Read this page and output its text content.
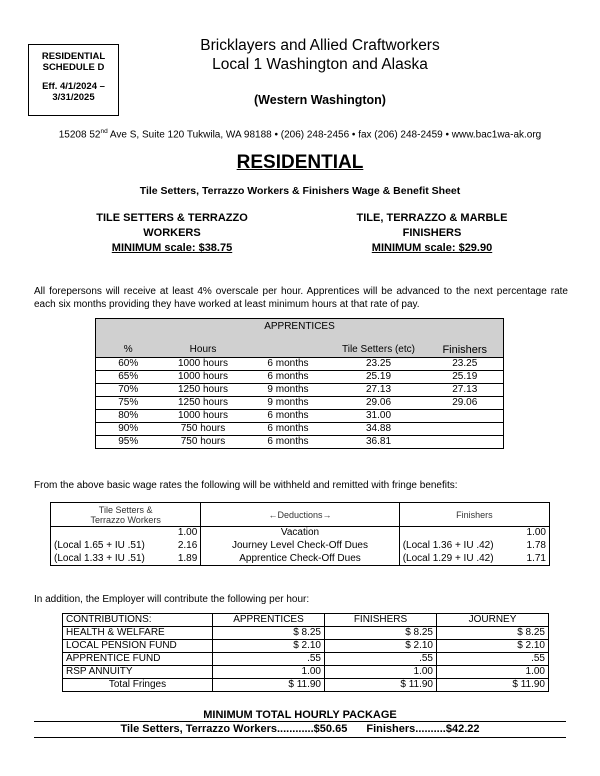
RESIDENTIAL
SCHEDULE D
Eff. 4/1/2024 –
3/31/2025
Bricklayers and Allied Craftworkers
Local 1 Washington and Alaska
(Western Washington)
15208 52nd Ave S, Suite 120 Tukwila, WA 98188 • (206) 248-2456 • fax (206) 248-2459 • www.bac1wa-ak.org
RESIDENTIAL
Tile Setters, Terrazzo Workers & Finishers Wage & Benefit Sheet
TILE SETTERS & TERRAZZO
WORKERS
MINIMUM scale: $38.75
TILE, TERRAZZO & MARBLE
FINISHERS
MINIMUM scale: $29.90
All forepersons will receive at least 4% overscale per hour. Apprentices will be advanced to the next percentage rate each six months providing they have worked at least minimum hours at that rate of pay.
APPRENTICES				
%	Hours		Tile Setters (etc)	Finishers
60%	1000 hours	6 months	23.25	23.25
65%	1000 hours	6 months	25.19	25.19
70%	1250 hours	9 months	27.13	27.13
75%	1250 hours	9 months	29.06	29.06
80%	1000 hours	6 months	31.00	
90%	750 hours	6 months	34.88	
95%	750 hours	6 months	36.81	
From the above basic wage rates the following will be withheld and remitted with fringe benefits:
Tile Setters &
Terrazzo Workers	←Deductions→	Finishers

1.00	Vacation	1.00

(Local 1.65 + IU .51) 2.16	Journey Level Check-Off Dues	(Local 1.36 + IU .42) 1.78

(Local 1.33 + IU .51) 1.89	Apprentice Check-Off Dues	(Local 1.29 + IU .42) 1.71
In addition, the Employer will contribute the following per hour:
CONTRIBUTIONS:	APPRENTICES	FINISHERS	JOURNEY
HEALTH & WELFARE	$ 8.25	$ 8.25	$ 8.25
LOCAL PENSION FUND	$ 2.10	$ 2.10	$ 2.10
APPRENTICE FUND	.55	.55	.55
RSP ANNUITY	1.00	1.00	1.00
Total Fringes	$ 11.90	$ 11.90	$ 11.90
MINIMUM TOTAL HOURLY PACKAGE
Tile Setters, Terrazzo Workers............$50.65 Finishers..........$42.22
